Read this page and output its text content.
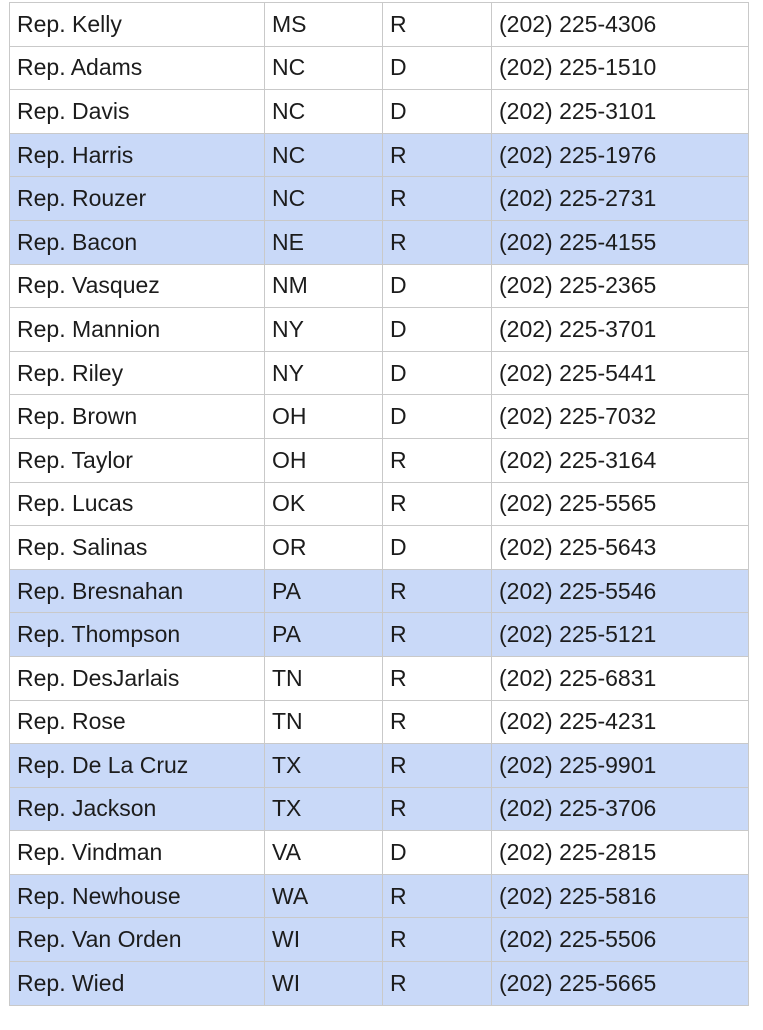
Rep. Kelly	MS	R	(202) 225-4306
Rep. Adams	NC	D	(202) 225-1510
Rep. Davis	NC	D	(202) 225-3101
Rep. Harris	NC	R	(202) 225-1976
Rep. Rouzer	NC	R	(202) 225-2731
Rep. Bacon	NE	R	(202) 225-4155
Rep. Vasquez	NM	D	(202) 225-2365
Rep. Mannion	NY	D	(202) 225-3701
Rep. Riley	NY	D	(202) 225-5441
Rep. Brown	OH	D	(202) 225-7032
Rep. Taylor	OH	R	(202) 225-3164
Rep. Lucas	OK	R	(202) 225-5565
Rep. Salinas	OR	D	(202) 225-5643
Rep. Bresnahan	PA	R	(202) 225-5546
Rep. Thompson	PA	R	(202) 225-5121
Rep. DesJarlais	TN	R	(202) 225-6831
Rep. Rose	TN	R	(202) 225-4231
Rep. De La Cruz	TX	R	(202) 225-9901
Rep. Jackson	TX	R	(202) 225-3706
Rep. Vindman	VA	D	(202) 225-2815
Rep. Newhouse	WA	R	(202) 225-5816
Rep. Van Orden	WI	R	(202) 225-5506
Rep. Wied	WI	R	(202) 225-5665
